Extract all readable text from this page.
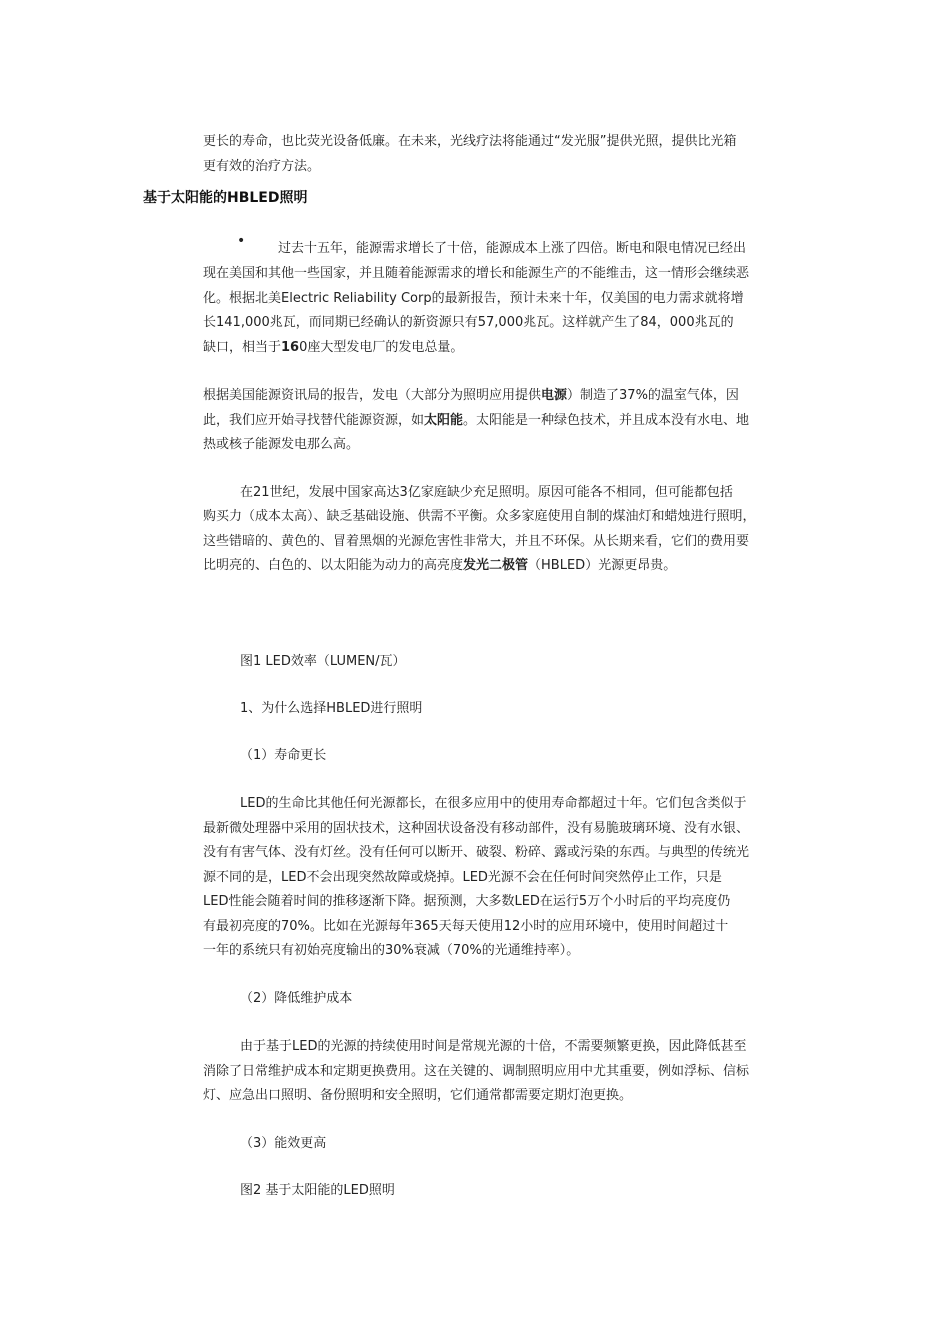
更长的寿命，也比荧光设备低廉。在未来，光线疗法将能通过“发光服”提供光照，提供比光箱
更有效的治疗方法。
基于太阳能的HBLED照明
•	过去十五年，能源需求增长了十倍，能源成本上涨了四倍。断电和限电情况已经出
现在美国和其他一些国家，并且随着能源需求的增长和能源生产的不能维击，这一情形会继续恶
化。根据北美Electric Reliability Corp的最新报告，预计未来十年，仅美国的电力需求就将增
长141,000兆瓦，而同期已经确认的新资源只有57,000兆瓦。这样就产生了84，000兆瓦的
缺口，相当于160座大型发电厂的发电总量。
根据美国能源资讯局的报告，发电（大部分为照明应用提供电源）制造了37%的温室气体，因
此，我们应开始寻找替代能源资源，如太阳能。太阳能是一种绿色技术，并且成本没有水电、地
热或核子能源发电那么高。
在21世纪，发展中国家高达3亿家庭缺少充足照明。原因可能各不相同，但可能都包括
购买力（成本太高）、缺乏基础设施、供需不平衡。众多家庭使用自制的煤油灯和蜡烛进行照明，
这些错暗的、黄色的、冒着黑烟的光源危害性非常大，并且不环保。从长期来看，它们的费用要
比明亮的、白色的、以太阳能为动力的高亮度发光二极管（HBLED）光源更昂贵。
图1 LED效率（LUMEN/瓦）
1、为什么选择HBLED进行照明
（1）寿命更长
LED的生命比其他任何光源都长，在很多应用中的使用寿命都超过十年。它们包含类似于
最新微处理器中采用的固状技术，这种固状设备没有移动部件，没有易脆玻璃环境、没有水银、
没有有害气体、没有灯丝。没有任何可以断开、破裂、粉碎、露或污染的东西。与典型的传统光
源不同的是，LED不会出现突然故障或烧掉。LED光源不会在任何时间突然停止工作，只是
LED性能会随着时间的推移逐渐下降。据预测，大多数LED在运行5万个小时后的平均亮度仍
有最初亮度的70%。比如在光源每年365天每天使用12小时的应用环境中，使用时间超过十
一年的系统只有初始亮度输出的30%衰减（70%的光通维持率）。
（2）降低维护成本
由于基于LED的光源的持续使用时间是常规光源的十倍，不需要频繁更换，因此降低甚至
消除了日常维护成本和定期更换费用。这在关键的、调制照明应用中尤其重要，例如浮标、信标
灯、应急出口照明、备份照明和安全照明，它们通常都需要定期灯泡更换。
（3）能效更高
图2 基于太阳能的LED照明
